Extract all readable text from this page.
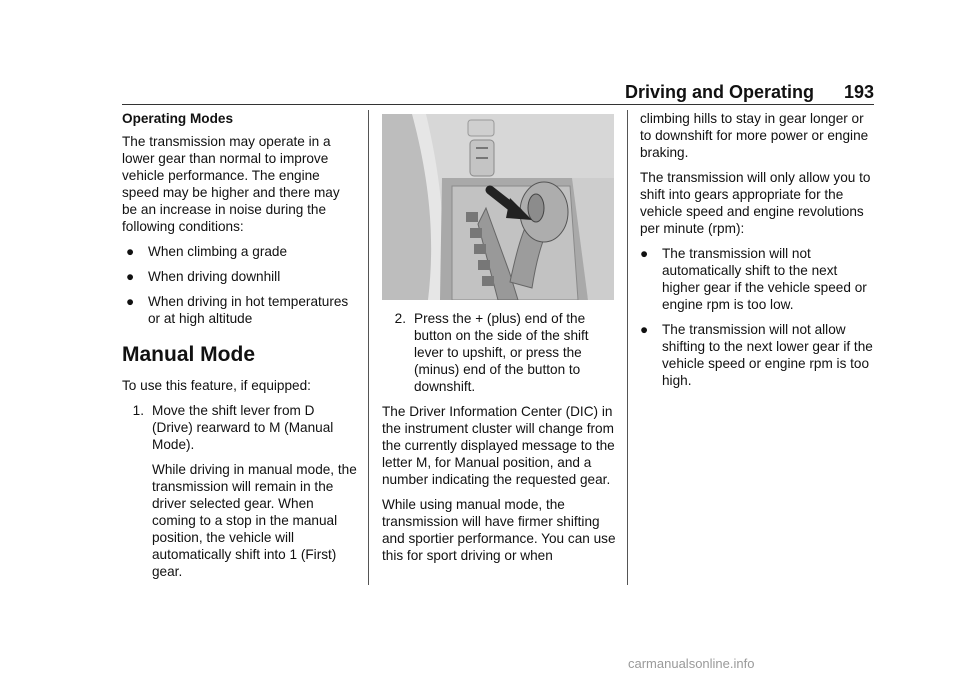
Driving and Operating 193
Operating Modes

The transmission may operate in a lower gear than normal to improve vehicle performance. The engine speed may be higher and there may be an increase in noise during the following conditions:

●	When climbing a grade
●	When driving downhill
●	When driving in hot temperatures or at high altitude
Manual Mode

To use this feature, if equipped:

1. Move the shift lever from D (Drive) rearward to M (Manual Mode).

While driving in manual mode, the transmission will remain in the driver selected gear. When coming to a stop in the manual position, the vehicle will automatically shift into 1 (First) gear.

2. Press the + (plus) end of the button on the side of the shift lever to upshift, or press the (minus) end of the button to downshift.

The Driver Information Center (DIC) in the instrument cluster will change from the currently displayed message to the letter M, for Manual position, and a number indicating the requested gear.

While using manual mode, the transmission will have firmer shifting and sportier performance. You can use this for sport driving or when

climbing hills to stay in gear longer or to downshift for more power or engine braking.

The transmission will only allow you to shift into gears appropriate for the vehicle speed and engine revolutions per minute (rpm):

●	The transmission will not automatically shift to the next higher gear if the vehicle speed or engine rpm is too low.
●	The transmission will not allow shifting to the next lower gear if the vehicle speed or engine rpm is too high.
carmanualsonline.info
